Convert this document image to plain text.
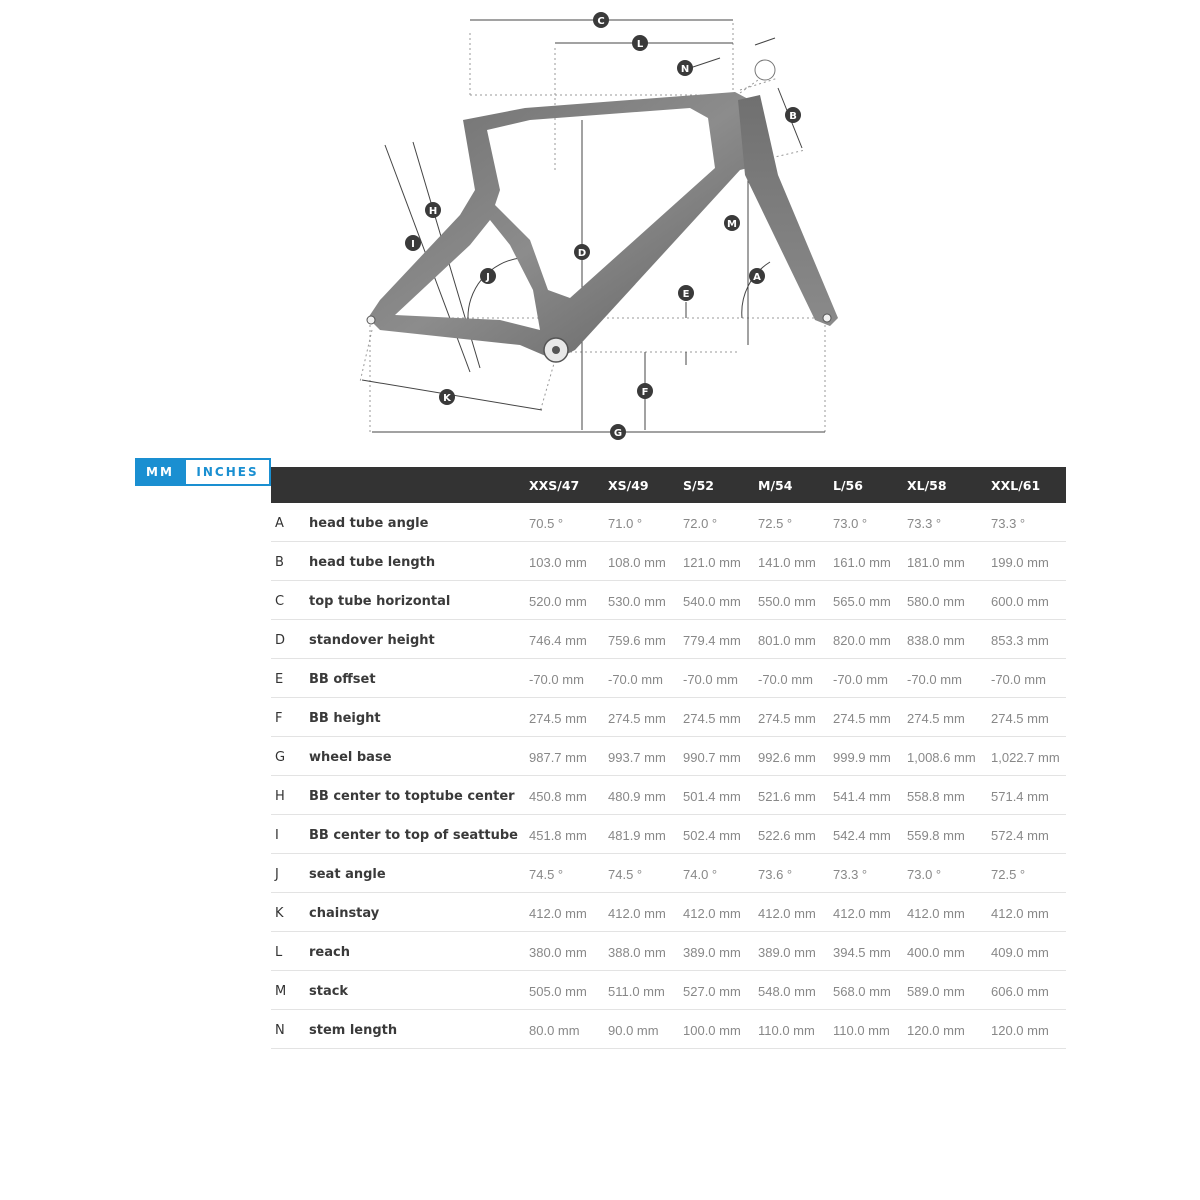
C
L
N
B
H
I
D
M
J	A
E
F
K
G
MM	INCHES
		XXS/47	XS/49	S/52	M/54	L/56	XL/58	XXL/61
A	head tube angle	70.5 °	71.0 °	72.0 °	72.5 °	73.0 °	73.3 °	73.3 °
B	head tube length	103.0 mm	108.0 mm	121.0 mm	141.0 mm	161.0 mm	181.0 mm	199.0 mm
C	top tube horizontal	520.0 mm	530.0 mm	540.0 mm	550.0 mm	565.0 mm	580.0 mm	600.0 mm
D	standover height	746.4 mm	759.6 mm	779.4 mm	801.0 mm	820.0 mm	838.0 mm	853.3 mm
E	BB offset	-70.0 mm	-70.0 mm	-70.0 mm	-70.0 mm	-70.0 mm	-70.0 mm	-70.0 mm
F	BB height	274.5 mm	274.5 mm	274.5 mm	274.5 mm	274.5 mm	274.5 mm	274.5 mm
G	wheel base	987.7 mm	993.7 mm	990.7 mm	992.6 mm	999.9 mm	1,008.6 mm	1,022.7 mm
H	BB center to toptube center	450.8 mm	480.9 mm	501.4 mm	521.6 mm	541.4 mm	558.8 mm	571.4 mm
I	BB center to top of seattube	451.8 mm	481.9 mm	502.4 mm	522.6 mm	542.4 mm	559.8 mm	572.4 mm
J	seat angle	74.5 °	74.5 °	74.0 °	73.6 °	73.3 °	73.0 °	72.5 °
K	chainstay	412.0 mm	412.0 mm	412.0 mm	412.0 mm	412.0 mm	412.0 mm	412.0 mm
L	reach	380.0 mm	388.0 mm	389.0 mm	389.0 mm	394.5 mm	400.0 mm	409.0 mm
M	stack	505.0 mm	511.0 mm	527.0 mm	548.0 mm	568.0 mm	589.0 mm	606.0 mm
N	stem length	80.0 mm	90.0 mm	100.0 mm	110.0 mm	110.0 mm	120.0 mm	120.0 mm
